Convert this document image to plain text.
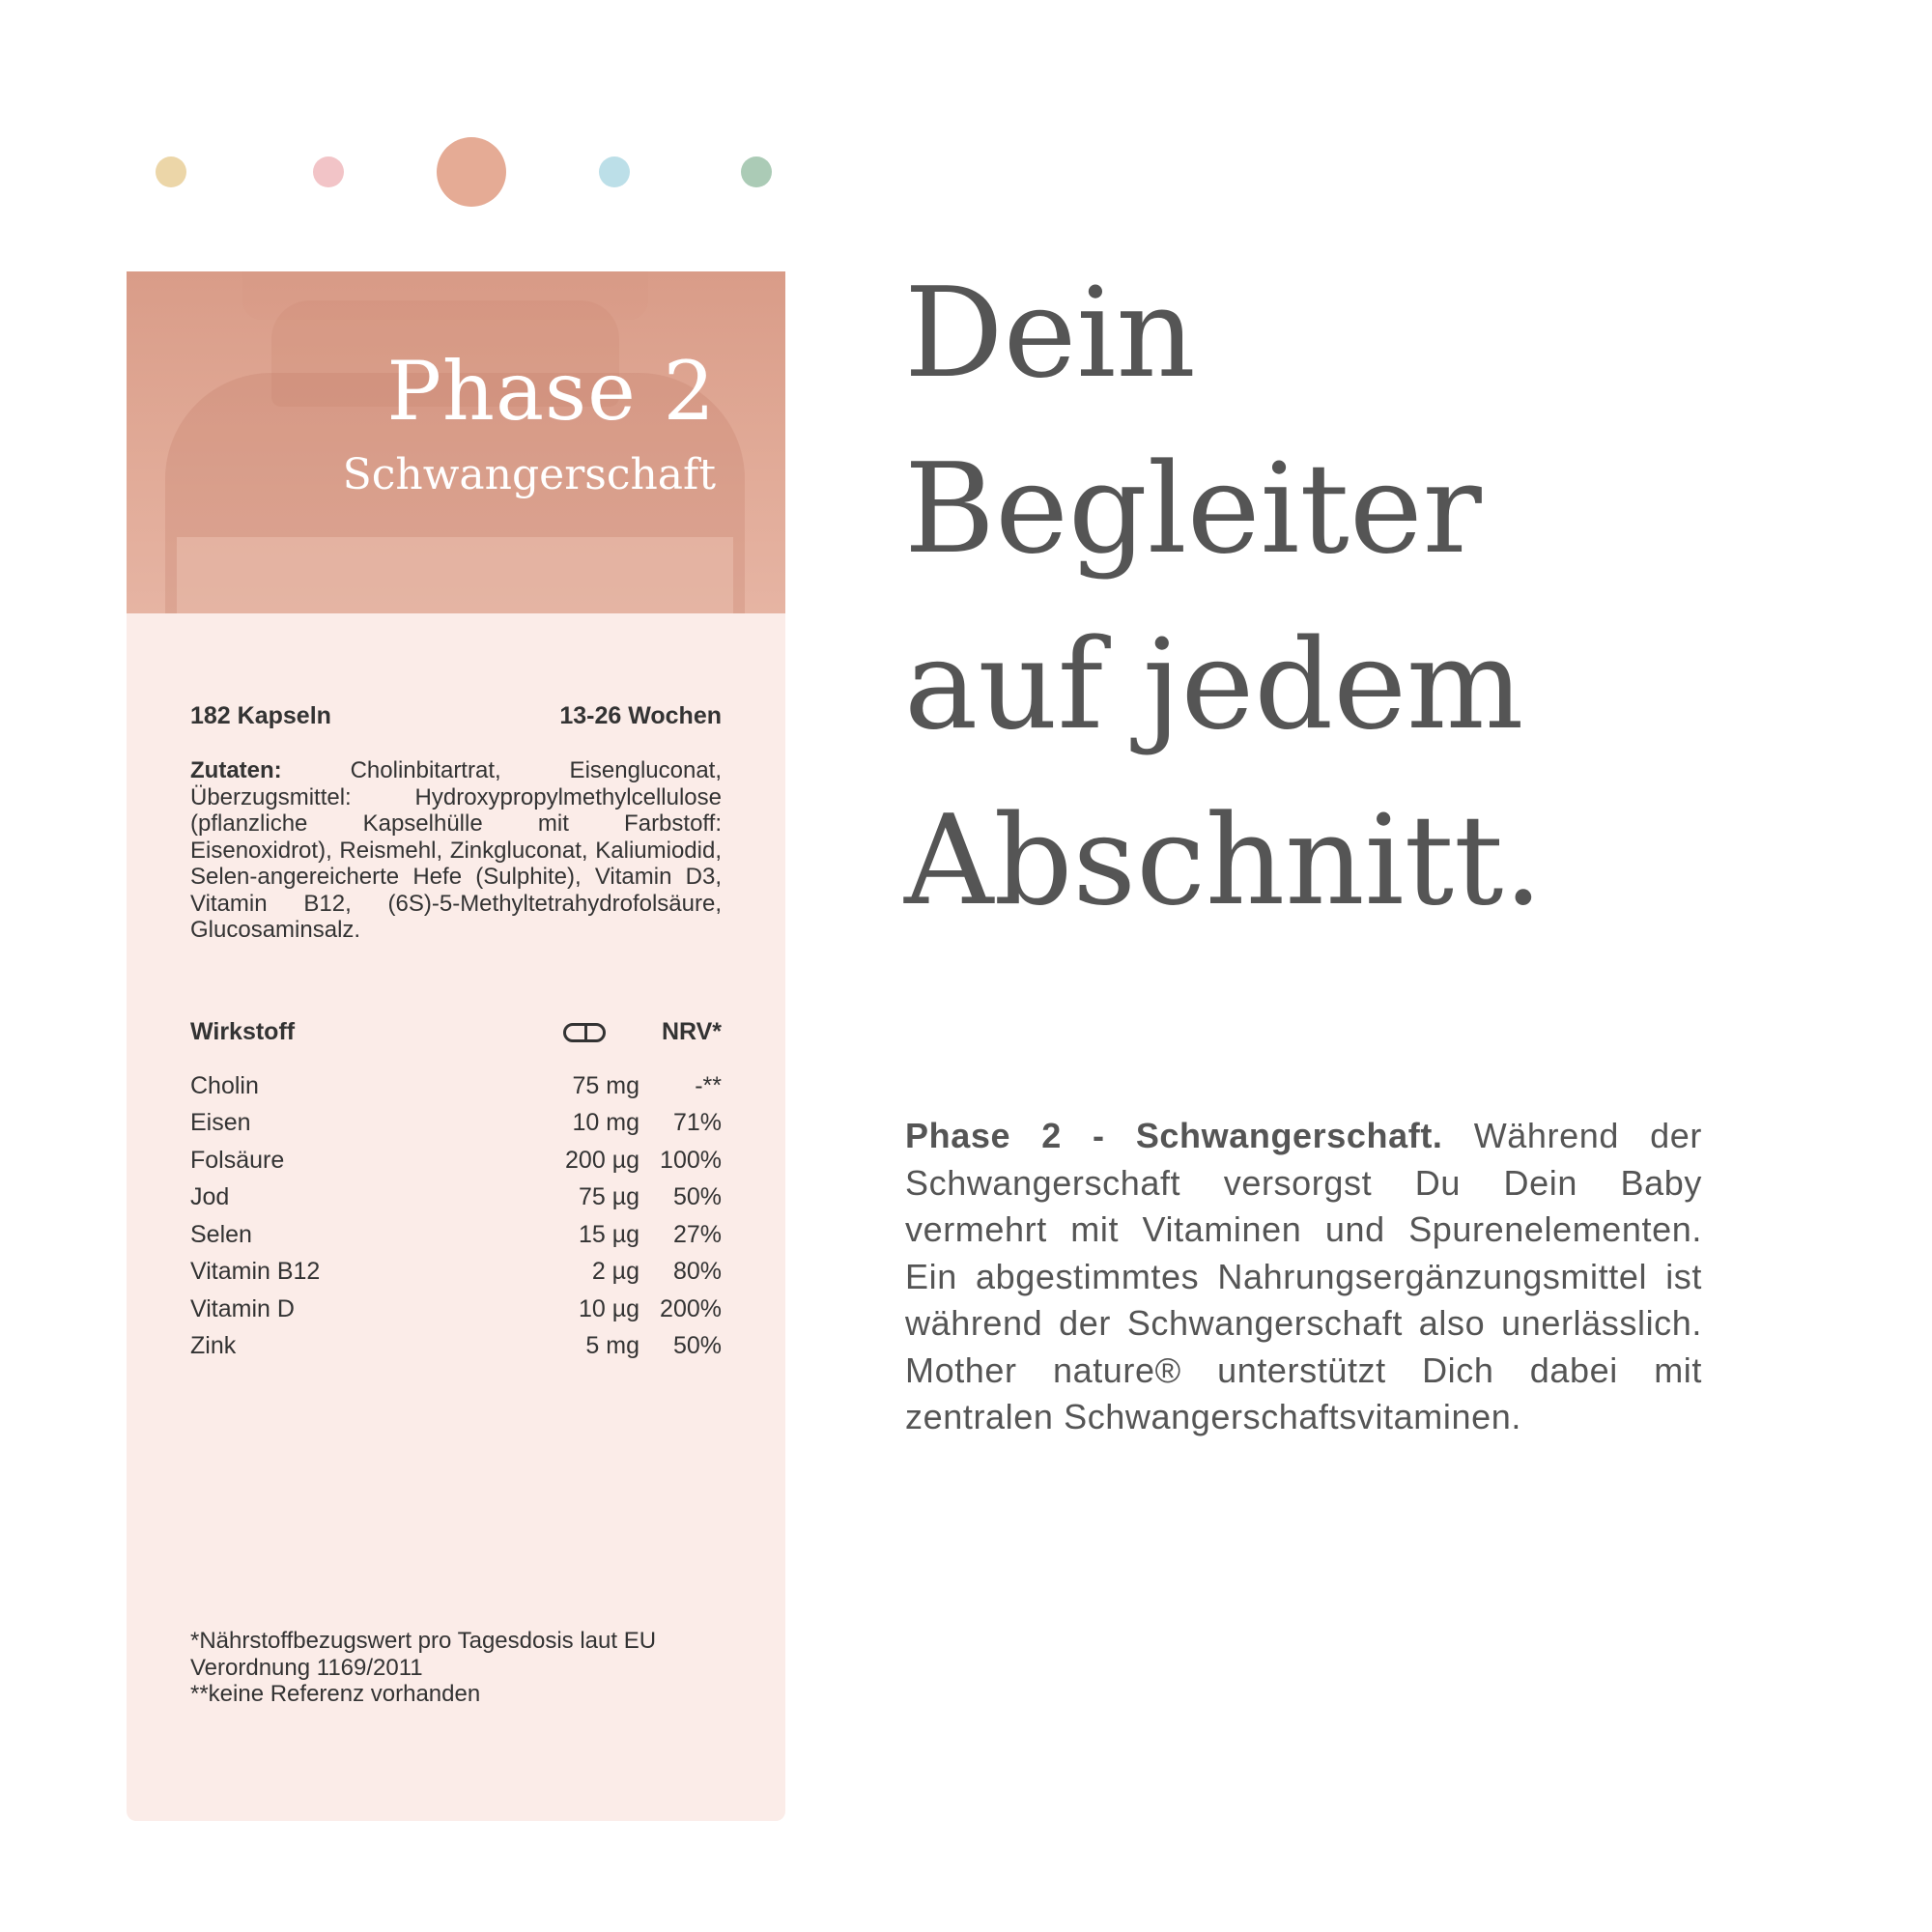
Phase 2
Schwangerschaft
182 Kapseln	13-26 Wochen

Zutaten:	Cholinbitartrat, Eisengluconat, Überzugsmittel: Hydroxypropylmethylcellulose (pflanzliche Kapselhülle mit Farbstoff: Eisenoxidrot), Reismehl, Zinkgluconat, Kaliumiodid, Selen-angereicherte Hefe (Sulphite), Vitamin D3, Vitamin B12, (6S)-5-Methyltetrahydrofolsäure, Glucosaminsalz.

Wirkstoff		NRV*
Cholin	75 mg	-**
Eisen	10 mg	71%
Folsäure	200 µg	100%
Jod	75 µg	50%
Selen	15 µg	27%
Vitamin B12	2 µg	80%
Vitamin D	10 µg	200%
Zink	5 mg	50%
*Nährstoffbezugswert pro Tagesdosis laut EU Verordnung 1169/2011
**keine Referenz vorhanden
Dein
Begleiter
auf jedem
Abschnitt.

Phase 2 - Schwangerschaft. Während der Schwangerschaft versorgst Du Dein Baby vermehrt mit Vitaminen und Spurenelementen. Ein abgestimmtes Nahrungsergänzungsmittel ist während der Schwangerschaft also unerlässlich. Mother nature® unterstützt Dich dabei mit zentralen Schwangerschaftsvitaminen.
